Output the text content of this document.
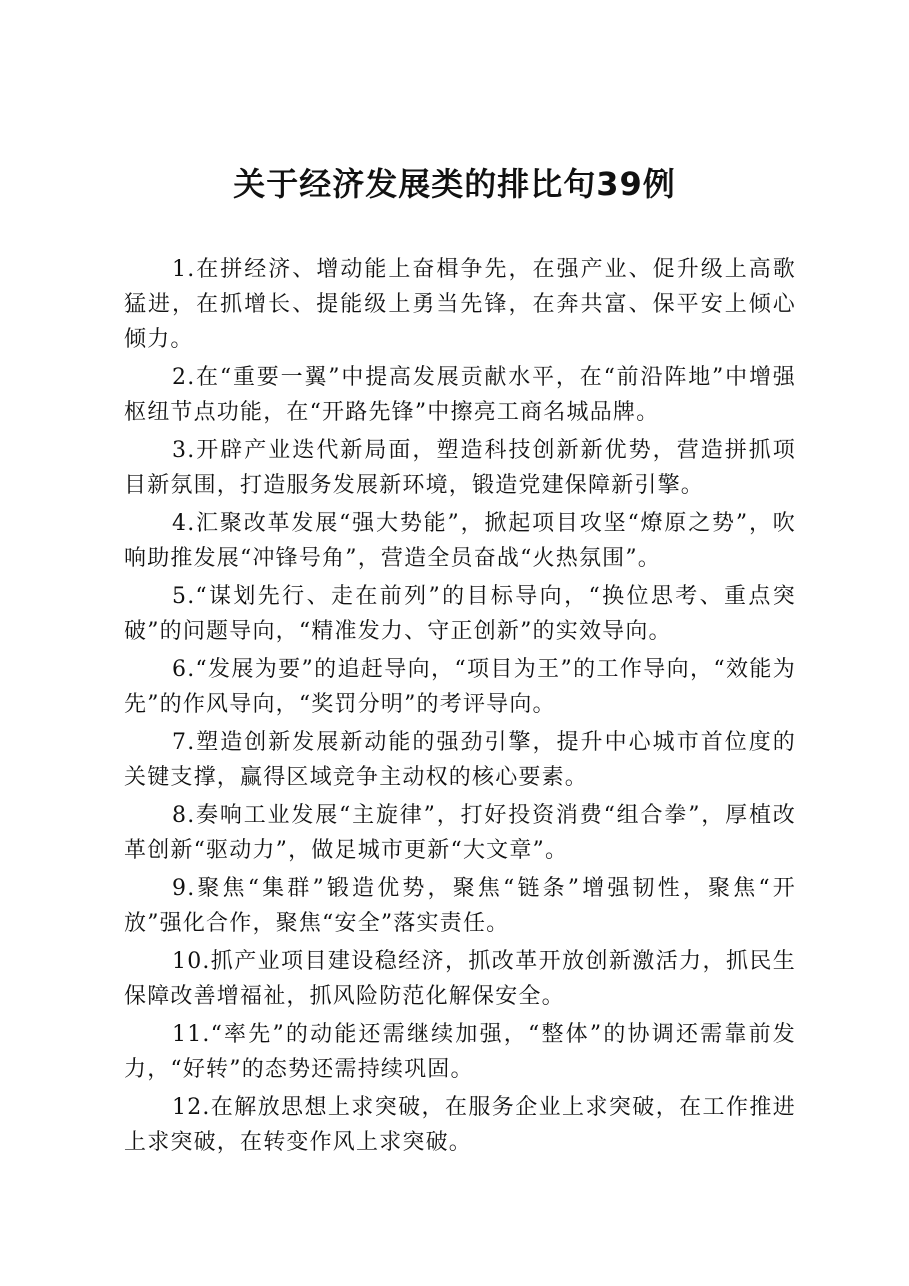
关于经济发展类的排比句39例

1.在拼经济、增动能上奋楫争先，在强产业、促升级上高歌猛进，在抓增长、提能级上勇当先锋，在奔共富、保平安上倾心倾力。

2.在“重要一翼”中提高发展贡献水平，在“前沿阵地”中增强枢纽节点功能，在“开路先锋”中擦亮工商名城品牌。

3.开辟产业迭代新局面，塑造科技创新新优势，营造拼抓项目新氛围，打造服务发展新环境，锻造党建保障新引擎。

4.汇聚改革发展“强大势能”，掀起项目攻坚“燎原之势”，吹响助推发展“冲锋号角”，营造全员奋战“火热氛围”。

5.“谋划先行、走在前列”的目标导向，“换位思考、重点突破”的问题导向，“精准发力、守正创新”的实效导向。

6.“发展为要”的追赶导向，“项目为王”的工作导向，“效能为先”的作风导向，“奖罚分明”的考评导向。

7.塑造创新发展新动能的强劲引擎，提升中心城市首位度的关键支撑，赢得区域竞争主动权的核心要素。

8.奏响工业发展“主旋律”，打好投资消费“组合拳”，厚植改革创新“驱动力”，做足城市更新“大文章”。

9.聚焦“集群”锻造优势，聚焦“链条”增强韧性，聚焦“开放”强化合作，聚焦“安全”落实责任。

10.抓产业项目建设稳经济，抓改革开放创新激活力，抓民生保障改善增福祉，抓风险防范化解保安全。

11.“率先”的动能还需继续加强，“整体”的协调还需靠前发力，“好转”的态势还需持续巩固。

12.在解放思想上求突破，在服务企业上求突破，在工作推进上求突破，在转变作风上求突破。
